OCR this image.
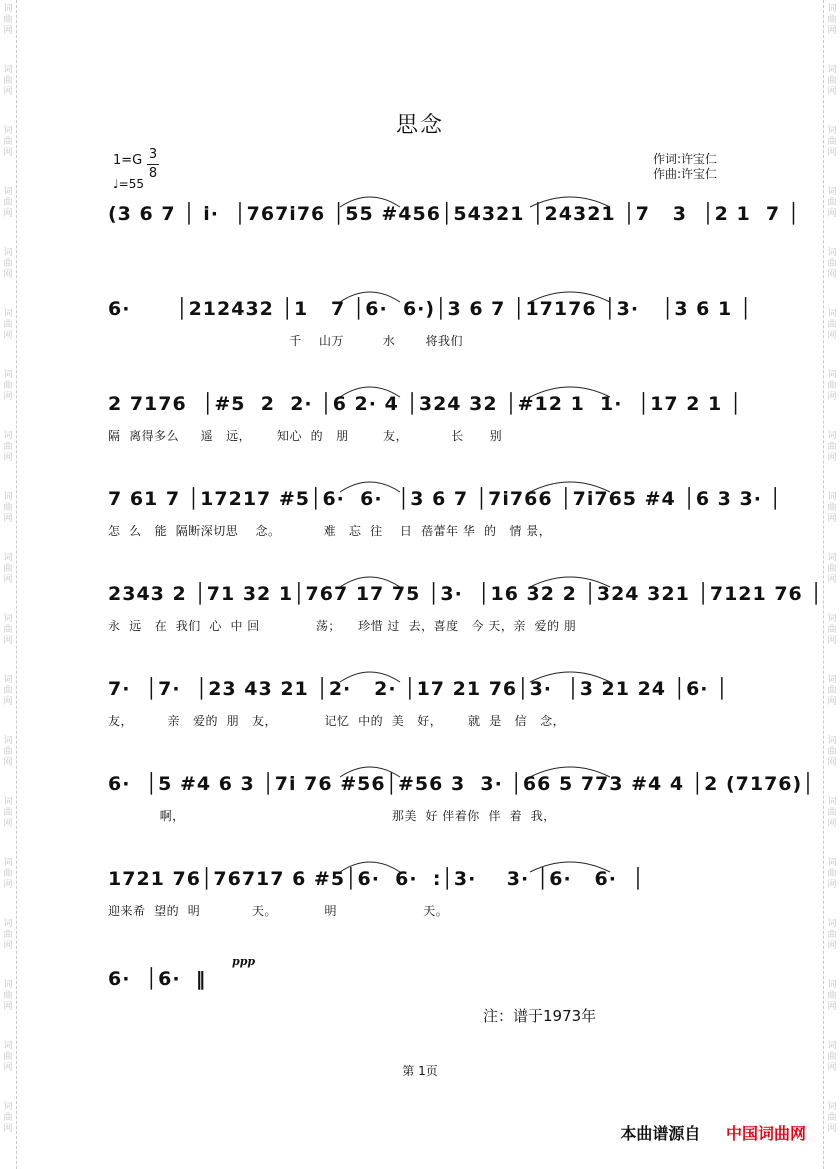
词
曲
网
词
曲
网
词
曲
网
词
曲
网
词
曲
网
词
曲
网
词
曲
网
词
曲
网
词
曲
网
词
曲
网
词
曲
网
词
曲
网
词
曲
网
词
曲
网
词
曲
网
词
曲
网
词
曲
网
词
曲
网
词
曲
网
词
曲
网
词
曲
网
词
曲
网
词
曲
网
词
曲
网
词
曲
网
词
曲
网
词
曲
网
词
曲
网
词
曲
网
词
曲
网
词
曲
网
词
曲
网
词
曲
网
词
曲
网
词
曲
网
词
曲
网
词
曲
网
词
曲
网
思念
1=G 3
8
♩=55
作词:许宝仁
作曲:许宝仁
(3 6 7 │ i·  │767i76 │55 #456│54321 │24321 │7   3  │2 1  7 │
6·      │212432 │1   7 │6·  6·)│3 6 7 │17176 │3·   │3 6 1 │
千    山万         水       将我们
2 7176  │#5  2  2· │6 2· 4 │324 32 │#12 1  1·  │17 2 1 │
隔  离得多么     遥   远，      知心  的   朋        友，          长      别
7 61 7 │17217 #5│6·  6·  │3 6 7 │7i766 │7i765 #4 │6 3 3· │
怎  么   能  隔断深切思    念。          难   忘  往    日  蓓蕾年 华  的   情 景，
2343 2 │71 32 1│767 17 75 │3·  │16 32 2 │324 321 │7121 76 │
永  远   在  我们  心  中 回             荡；    珍惜 过  去，喜度   今 天，亲  爱的 朋
7·  │7·  │23 43 21 │2·   2· │17 21 76│3·  │3 21 24 │6· │
友，        亲   爱的  朋   友，           记忆  中的  美   好，      就  是   信   念，
6·  │5 #4 6 3 │7i 76 #56│#56 3  3· │66 5 773 #4 4 │2 (7176)│
啊，                                                那美  好 伴着你  伴  着  我，
1721 76│76717 6 #5│6·  6·  :│3·    3· │6·   6·  │
迎来希  望的  明            天。           明                    天。
6·  │6·  ‖
ppp
注：谱于1973年
第 1页
本曲谱源自 中国词曲网
